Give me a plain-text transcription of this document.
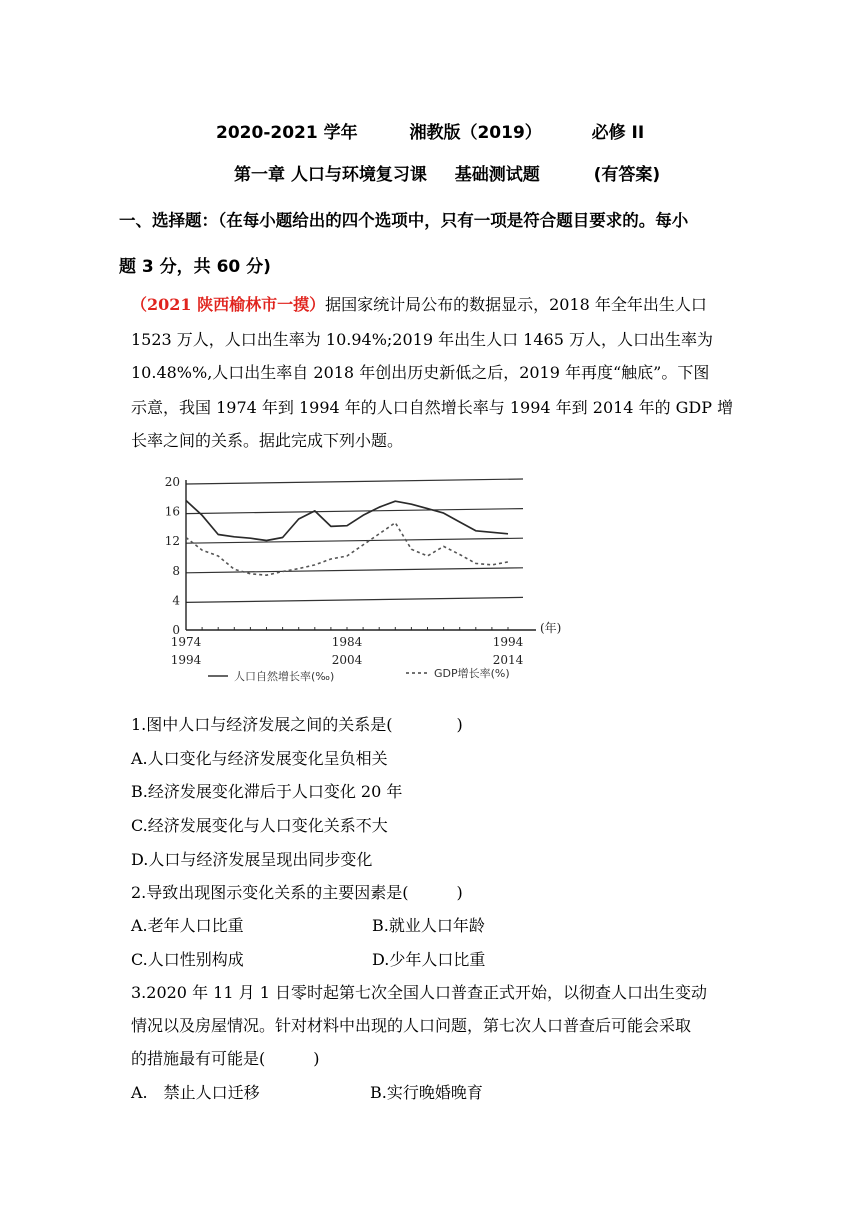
2020-2021 学年	湘教版（2019）	必修 II
第一章 人口与环境复习课 基础测试题	(有答案)
一、选择题：（在每小题给出的四个选项中，只有一项是符合题目要求的。每小
题 3 分，共 60 分)
（2021 陕西榆林市一摸）据国家统计局公布的数据显示，2018 年全年出生人口
1523 万人，人口出生率为 10.94%;2019 年出生人口 1465 万人，人口出生率为
10.48%%,人口出生率自 2018 年创出历史新低之后，2019 年再度“触底”。下图
示意，我国 1974 年到 1994 年的人口自然增长率与 1994 年到 2014 年的 GDP 增
长率之间的关系。据此完成下列小题。
0
4
8
12
16
20
1974	1984	1994
1994	2004	2014
(年)
人口自然增长率(‰)	GDP增长率(%)
1.图中人口与经济发展之间的关系是(　　　　)
A.人口变化与经济发展变化呈负相关
B.经济发展变化滞后于人口变化 20 年
C.经济发展变化与人口变化关系不大
D.人口与经济发展呈现出同步变化
2.导致出现图示变化关系的主要因素是(　　　)
A.老年人口比重	B.就业人口年龄
C.人口性别构成	D.少年人口比重
3.2020 年 11 月 1 日零时起第七次全国人口普查正式开始，以彻查人口出生变动
情况以及房屋情况。针对材料中出现的人口问题，第七次人口普查后可能会采取
的措施最有可能是(　　　)
A.　禁止人口迁移	B.实行晚婚晚育
